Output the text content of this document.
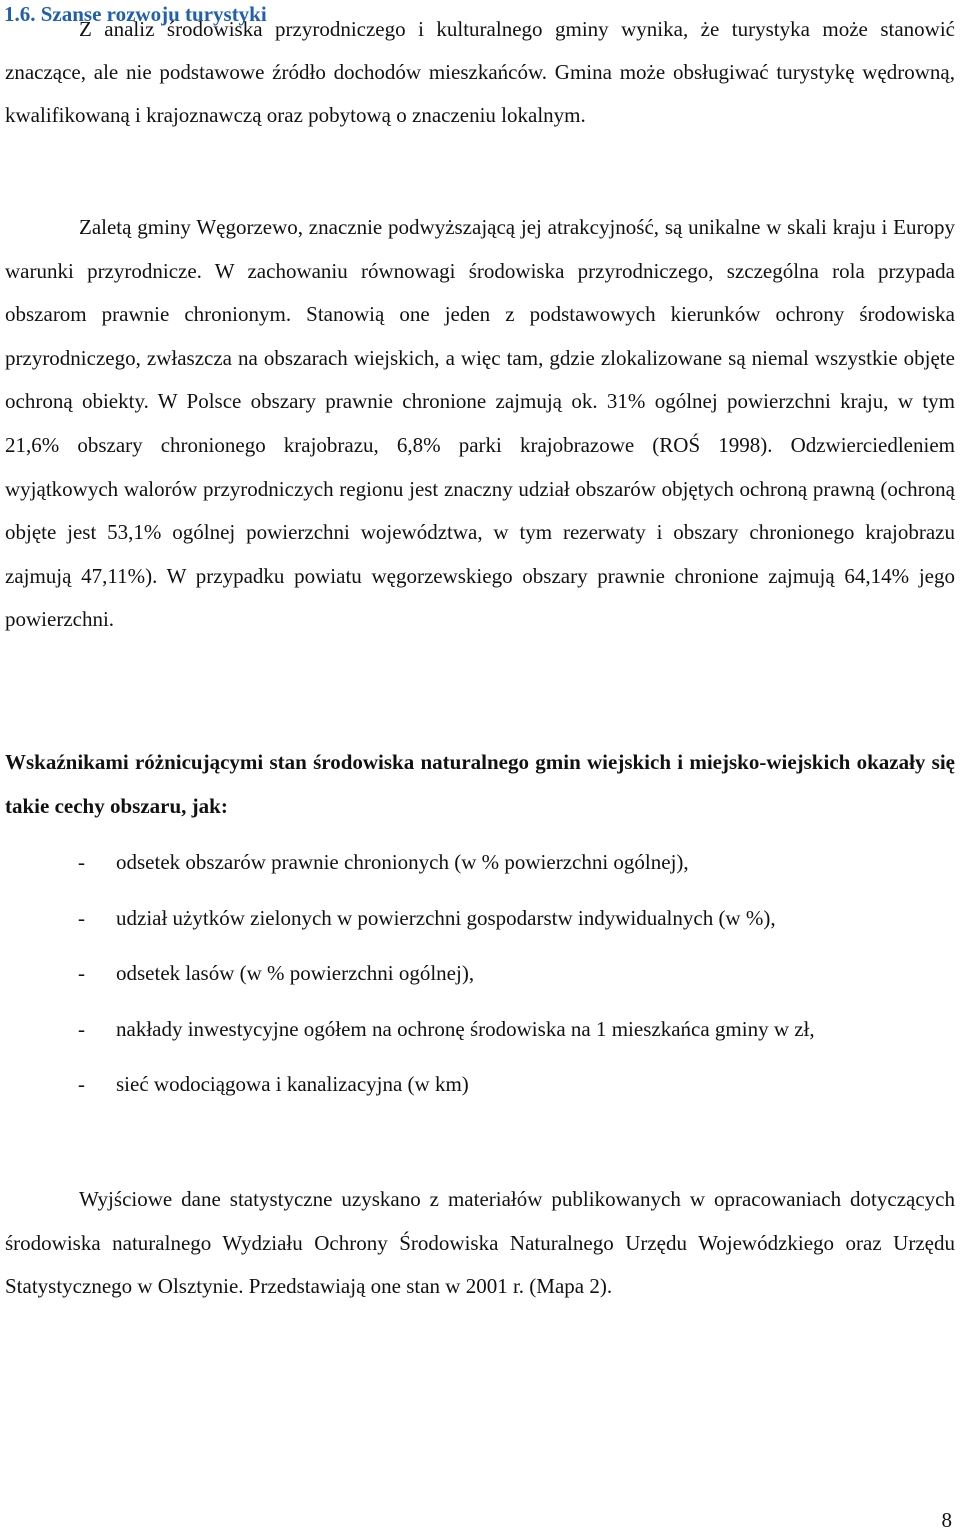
1.6. Szanse rozwoju turystyki

Z analiz środowiska przyrodniczego i kulturalnego gminy wynika, że turystyka może stanowić znaczące, ale nie podstawowe źródło dochodów mieszkańców. Gmina może obsługiwać turystykę wędrowną, kwalifikowaną i krajoznawczą oraz pobytową o znaczeniu lokalnym.

Zaletą gminy Węgorzewo, znacznie podwyższającą jej atrakcyjność, są unikalne w skali kraju i Europy warunki przyrodnicze. W zachowaniu równowagi środowiska przyrodniczego, szczególna rola przypada obszarom prawnie chronionym. Stanowią one jeden z podstawowych kierunków ochrony środowiska przyrodniczego, zwłaszcza na obszarach wiejskich, a więc tam, gdzie zlokalizowane są niemal wszystkie objęte ochroną obiekty. W Polsce obszary prawnie chronione zajmują ok. 31% ogólnej powierzchni kraju, w tym 21,6% obszary chronionego krajobrazu, 6,8% parki krajobrazowe (ROŚ 1998). Odzwierciedleniem wyjątkowych walorów przyrodniczych regionu jest znaczny udział obszarów objętych ochroną prawną (ochroną objęte jest 53,1% ogólnej powierzchni województwa, w tym rezerwaty i obszary chronionego krajobrazu zajmują 47,11%). W przypadku powiatu węgorzewskiego obszary prawnie chronione zajmują 64,14% jego powierzchni.

Wskaźnikami różnicującymi stan środowiska naturalnego gmin wiejskich i miejsko-wiejskich okazały się takie cechy obszaru, jak:

- odsetek obszarów prawnie chronionych (w % powierzchni ogólnej),
- udział użytków zielonych w powierzchni gospodarstw indywidualnych (w %),
- odsetek lasów (w % powierzchni ogólnej),
- nakłady inwestycyjne ogółem na ochronę środowiska na 1 mieszkańca gminy w zł,
- sieć wodociągowa i kanalizacyjna (w km)

Wyjściowe dane statystyczne uzyskano z materiałów publikowanych w opracowaniach dotyczących środowiska naturalnego Wydziału Ochrony Środowiska Naturalnego Urzędu Wojewódzkiego oraz Urzędu Statystycznego w Olsztynie. Przedstawiają one stan w 2001 r. (Mapa 2).

8
